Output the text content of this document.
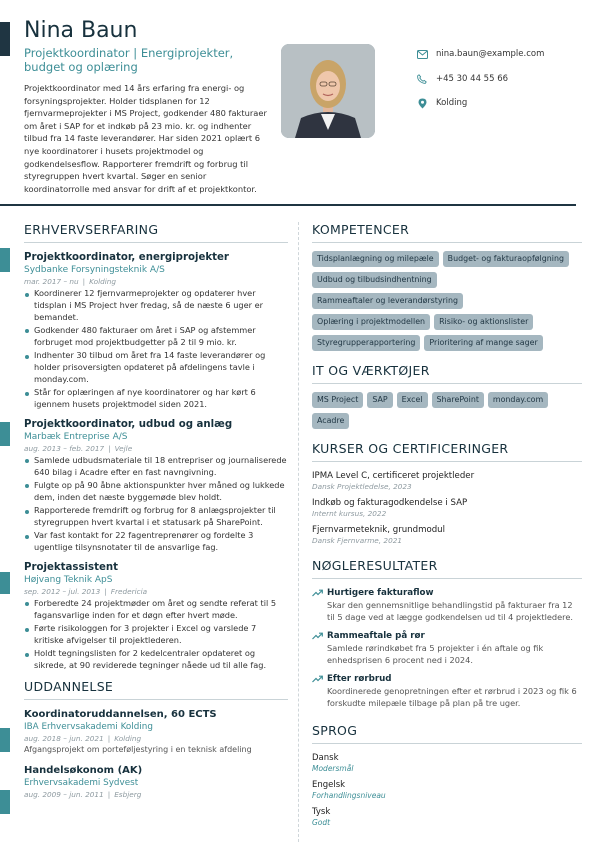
Nina Baun
Projektkoordinator | Energiprojekter, budget og oplæring
Projektkoordinator med 14 års erfaring fra energi- og forsyningsprojekter. Holder tidsplanen for 12 fjernvarmeprojekter i MS Project, godkender 480 fakturaer om året i SAP for et indkøb på 23 mio. kr. og indhenter tilbud fra 14 faste leverandører. Har siden 2021 oplært 6 nye koordinatorer i husets projektmodel og godkendelsesflow. Rapporterer fremdrift og forbrug til styregruppen hvert kvartal. Søger en senior koordinatorrolle med ansvar for drift af et projektkontor.
nina.baun@example.com
+45 30 44 55 66
Kolding
ERHVERVSERFARING
Projektkoordinator, energiprojekter
Sydbanke Forsyningsteknik A/S
mar. 2017 – nu | Kolding
Koordinerer 12 fjernvarmeprojekter og opdaterer hver tidsplan i MS Project hver fredag, så de næste 6 uger er bemandet.
Godkender 480 fakturaer om året i SAP og afstemmer forbruget mod projektbudgetter på 2 til 9 mio. kr.
Indhenter 30 tilbud om året fra 14 faste leverandører og holder prisoversigten opdateret på afdelingens tavle i monday.com.
Står for oplæringen af nye koordinatorer og har kørt 6 igennem husets projektmodel siden 2021.
Projektkoordinator, udbud og anlæg
Marbæk Entreprise A/S
aug. 2013 – feb. 2017 | Vejle
Samlede udbudsmateriale til 18 entrepriser og journaliserede 640 bilag i Acadre efter en fast navngivning.
Fulgte op på 90 åbne aktionspunkter hver måned og lukkede dem, inden det næste byggemøde blev holdt.
Rapporterede fremdrift og forbrug for 8 anlægsprojekter til styregruppen hvert kvartal i et statusark på SharePoint.
Var fast kontakt for 22 fagentreprenører og fordelte 3 ugentlige tilsynsnotater til de ansvarlige fag.
Projektassistent
Højvang Teknik ApS
sep. 2012 – jul. 2013 | Fredericia
Forberedte 24 projektmøder om året og sendte referat til 5 fagansvarlige inden for et døgn efter hvert møde.
Førte risikologgen for 3 projekter i Excel og varslede 7 kritiske afvigelser til projektlederen.
Holdt tegningslisten for 2 kedelcentraler opdateret og sikrede, at 90 reviderede tegninger nåede ud til alle fag.
UDDANNELSE
Koordinatoruddannelsen, 60 ECTS
IBA Erhvervsakademi Kolding
aug. 2018 – jun. 2021 | Kolding
Afgangsprojekt om porteføljestyring i en teknisk afdeling
Handelsøkonom (AK)
Erhvervsakademi Sydvest
aug. 2009 – jun. 2011 | Esbjerg
KOMPETENCER
Tidsplanlægning og milepæle	Budget- og fakturaopfølgning
Udbud og tilbudsindhentning
Rammeaftaler og leverandørstyring
Oplæring i projektmodellen	Risiko- og aktionslister
Styregrupperapportering	Prioritering af mange sager
IT OG VÆRKTØJER
MS Project	SAP	Excel	SharePoint	monday.com
Acadre
KURSER OG CERTIFICERINGER
IPMA Level C, certificeret projektleder
Dansk Projektledelse, 2023
Indkøb og fakturagodkendelse i SAP
Internt kursus, 2022
Fjernvarmeteknik, grundmodul
Dansk Fjernvarme, 2021
NØGLERESULTATER
Hurtigere fakturaflow
Skar den gennemsnitlige behandlingstid på fakturaer fra 12 til 5 dage ved at lægge godkendelsen ud til 4 projektledere.
Rammeaftale på rør
Samlede rørindkøbet fra 5 projekter i én aftale og fik enhedsprisen 6 procent ned i 2024.
Efter rørbrud
Koordinerede genopretningen efter et rørbrud i 2023 og fik 6 forskudte milepæle tilbage på plan på tre uger.
SPROG
Dansk
Modersmål
Engelsk
Forhandlingsniveau
Tysk
Godt
